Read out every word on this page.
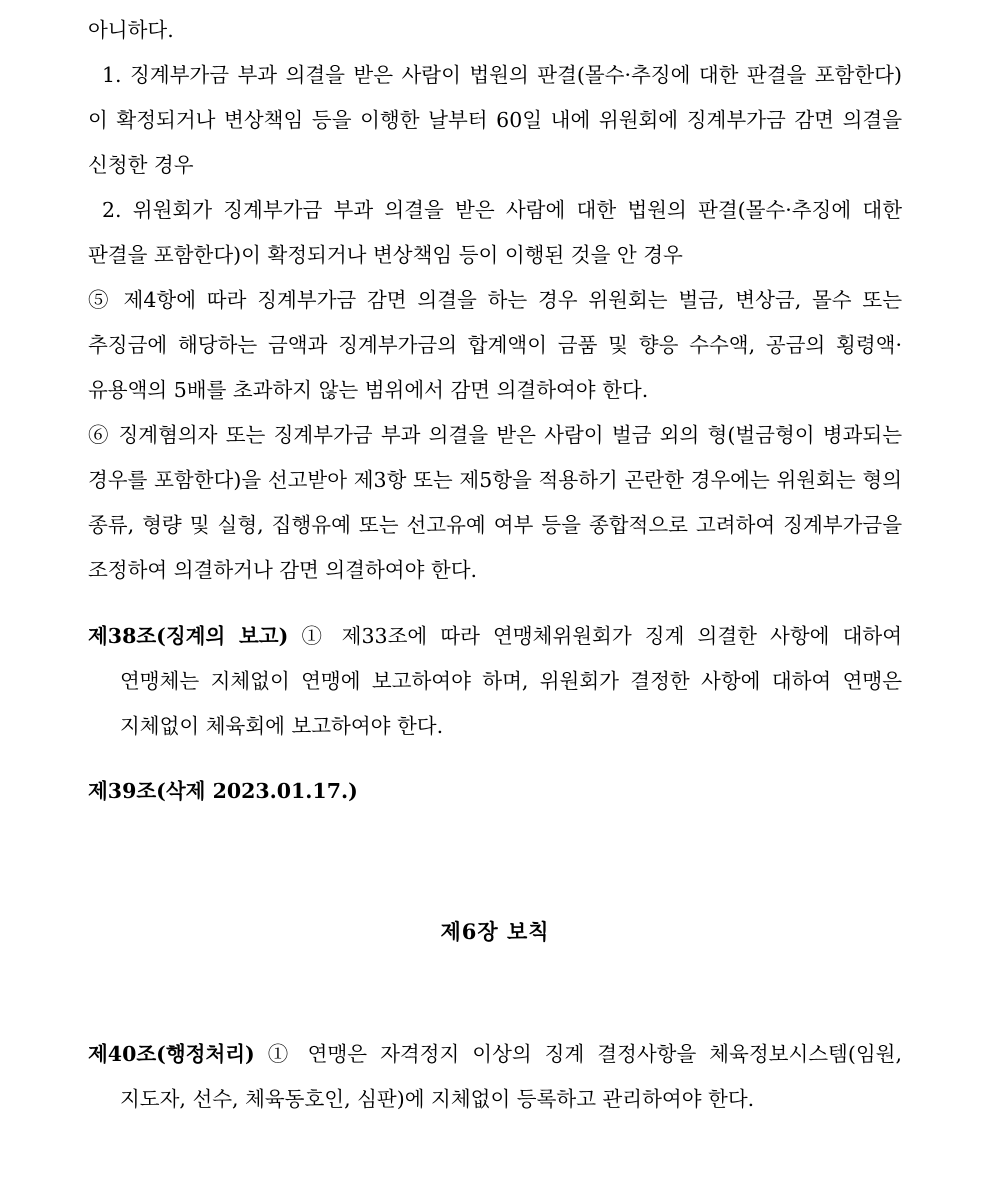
아니하다.

1. 징계부가금 부과 의결을 받은 사람이 법원의 판결(몰수·추징에 대한 판결을 포함한다)이 확정되거나 변상책임 등을 이행한 날부터 60일 내에 위원회에 징계부가금 감면 의결을 신청한 경우

2. 위원회가 징계부가금 부과 의결을 받은 사람에 대한 법원의 판결(몰수·추징에 대한 판결을 포함한다)이 확정되거나 변상책임 등이 이행된 것을 안 경우

⑤ 제4항에 따라 징계부가금 감면 의결을 하는 경우 위원회는 벌금, 변상금, 몰수 또는 추징금에 해당하는 금액과 징계부가금의 합계액이 금품 및 향응 수수액, 공금의 횡령액·유용액의 5배를 초과하지 않는 범위에서 감면 의결하여야 한다.

⑥ 징계혐의자 또는 징계부가금 부과 의결을 받은 사람이 벌금 외의 형(벌금형이 병과되는 경우를 포함한다)을 선고받아 제3항 또는 제5항을 적용하기 곤란한 경우에는 위원회는 형의 종류, 형량 및 실형, 집행유예 또는 선고유예 여부 등을 종합적으로 고려하여 징계부가금을 조정하여 의결하거나 감면 의결하여야 한다.

제38조(징계의 보고) ① 제33조에 따라 연맹체위원회가 징계 의결한 사항에 대하여 연맹체는 지체없이 연맹에 보고하여야 하며, 위원회가 결정한 사항에 대하여 연맹은 지체없이 체육회에 보고하여야 한다.

제39조(삭제 2023.01.17.)

제6장 보칙

제40조(행정처리) ① 연맹은 자격정지 이상의 징계 결정사항을 체육정보시스템(임원, 지도자, 선수, 체육동호인, 심판)에 지체없이 등록하고 관리하여야 한다.
